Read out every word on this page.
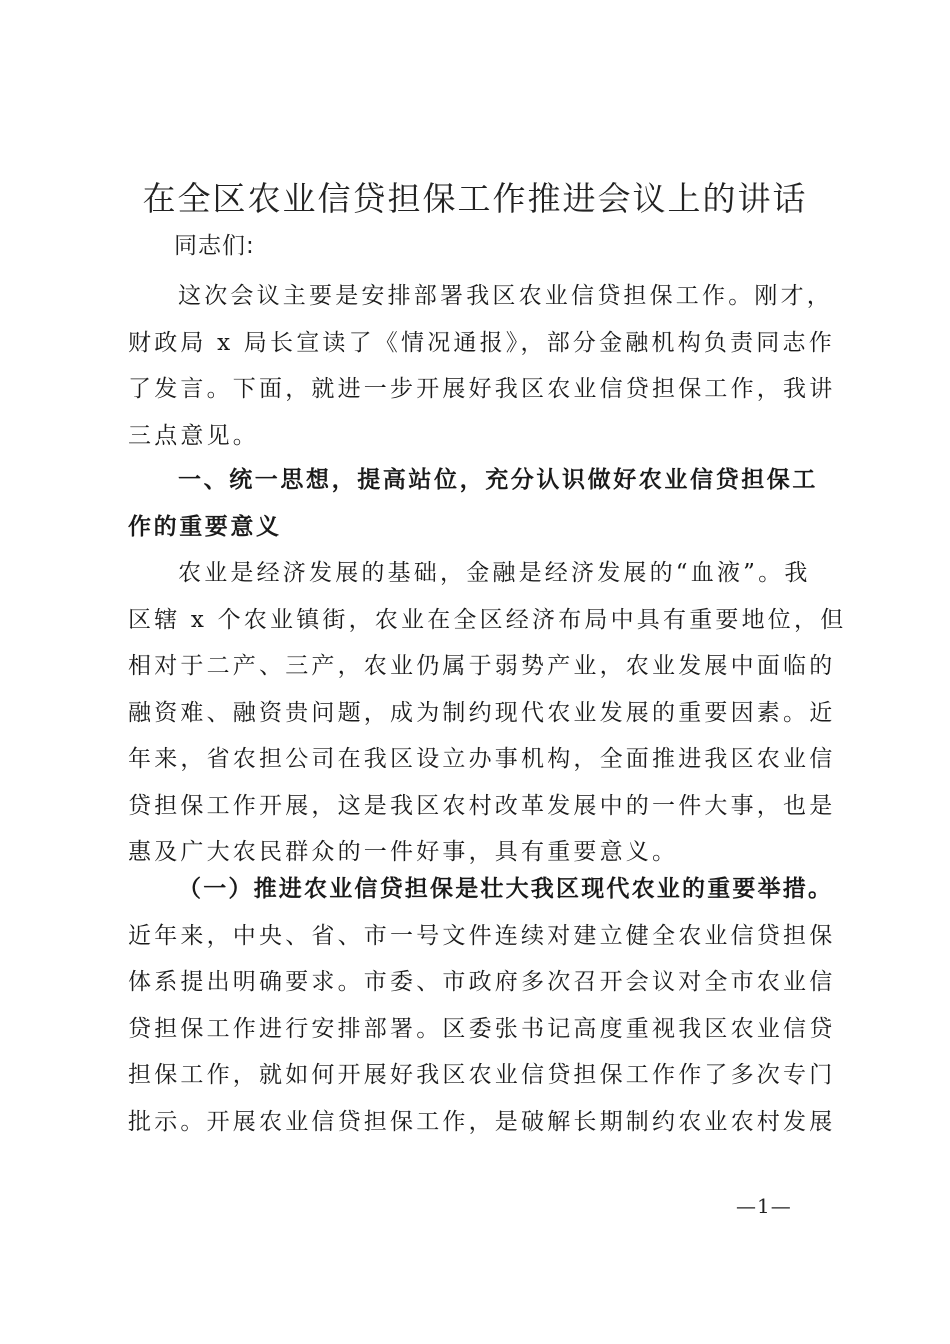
在全区农业信贷担保工作推进会议上的讲话
同志们:
这次会议主要是安排部署我区农业信贷担保工作。刚才，
财政局 x 局长宣读了《情况通报》，部分金融机构负责同志作
了发言。下面，就进一步开展好我区农业信贷担保工作，我讲
三点意见。
一、统一思想，提高站位，充分认识做好农业信贷担保工
作的重要意义
农业是经济发展的基础，金融是经济发展的“血液”。我
区辖 x 个农业镇街，农业在全区经济布局中具有重要地位，但
相对于二产、三产，农业仍属于弱势产业，农业发展中面临的
融资难、融资贵问题，成为制约现代农业发展的重要因素。近
年来，省农担公司在我区设立办事机构，全面推进我区农业信
贷担保工作开展，这是我区农村改革发展中的一件大事，也是
惠及广大农民群众的一件好事，具有重要意义。
（一）推进农业信贷担保是壮大我区现代农业的重要举措。
近年来，中央、省、市一号文件连续对建立健全农业信贷担保
体系提出明确要求。市委、市政府多次召开会议对全市农业信
贷担保工作进行安排部署。区委张书记高度重视我区农业信贷
担保工作，就如何开展好我区农业信贷担保工作作了多次专门
批示。开展农业信贷担保工作，是破解长期制约农业农村发展
—1—
